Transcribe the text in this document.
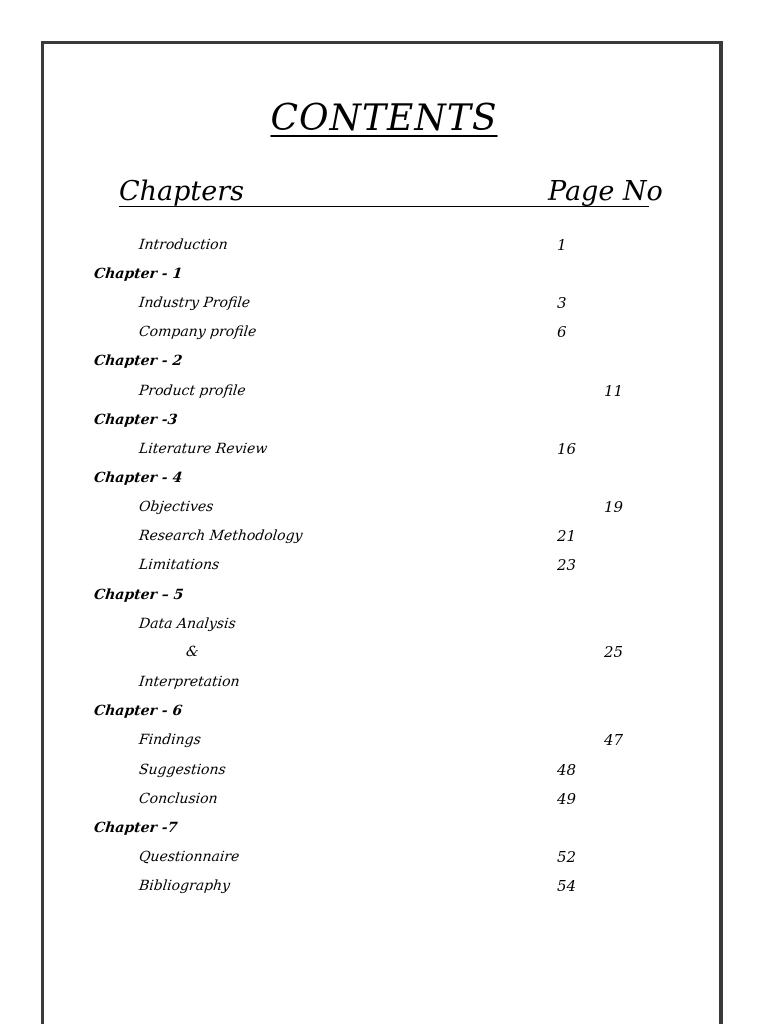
CONTENTS
Chapters	Page No
Introduction	1
Chapter - 1
Industry Profile	3
Company profile	6
Chapter - 2
Product profile	11
Chapter -3
Literature Review	16
Chapter - 4
Objectives	19
Research Methodology	21
Limitations	23
Chapter – 5
Data Analysis
&	25
Interpretation
Chapter - 6
Findings	47
Suggestions	48
Conclusion	49
Chapter -7
Questionnaire	52
Bibliography	54
